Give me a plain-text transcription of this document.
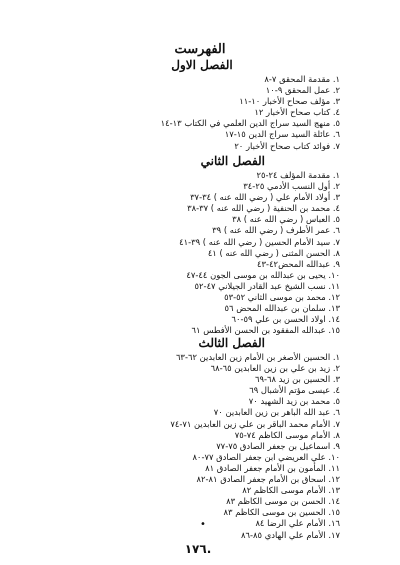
الفهرست
الفصل الاول
١. مقدمة المحقق ٧-٨
٢. عمل المحقق ٩-١٠
٣. مؤلف صحاح الأخبار ١٠-١١
٤. كتاب صحاح الأخبار ١٢
٥. منهج السيد سراج الدين العلمي في الكتاب ١٣-١٤
٦. عائلة السيد سراج الدين ١٥-١٧
٧. فوائد كتاب صحاح الأخبار ٢٠
الفصل الثاني
١. مقدمة المؤلف ٢٤-٢٥
٢. أول النسب الأدمي ٢٥-٣٤
٣. أولاد الأمام علي ( رضي الله عنه ) ٣٤-٣٧
٤. محمد بن الحنفية ( رضي الله عنه ) ٣٧-٣٨
٥. العباس ( رضي الله عنه ) ٣٨
٦. عمر الأطرف ( رضي الله عنه ) ٣٩
٧. سيد الأمام الحسين ( رضي الله عنه ) ٣٩-٤١
٨. الحسن المثنى ( رضي الله عنه ) ٤١
٩. عبدالله المحض٤٢-٤٣
١٠. يحيى بن عبدالله بن موسى الجون ٤٤-٤٧
١١. نسب الشيخ عبد القادر الجيلاني ٤٧-٥٢
١٢. محمد بن موسى الثاني ٥٢-٥٣
١٣. سلمان بن عبدالله المحض ٥٦
١٤. اولاد الحسن بن علي ٥٩-٦٠
١٥. عبدالله المفقود بن الحسن الأفطس ٦١
الفصل الثالث
١. الحسين الأصغر بن الأمام زين العابدين ٦٢-٦٣
٢. زيد بن علي بن زين العابدين ٦٥-٦٨
٣. الحسين بن زيد ٦٨-٦٩
٤. عيسى مؤتم الأشبال ٦٩
٥. محمد بن زيد الشهيد ٧٠
٦. عبد الله الباهر بن زين العابدين ٧٠
٧. الأمام محمد الباقر بن علي زين العابدين ٧١-٧٤
٨. الأمام موسى الكاظم ٧٤-٧٥
٩. اسماعيل بن جعفر الصادق ٧٥-٧٧
١٠. علي العريضي ابن جعفر الصادق ٧٧-٨٠
١١. المأمون بن الأمام جعفر الصادق ٨١
١٢. اسحاق بن الأمام جعفر الصادق ٨١-٨٢
١٣. الأمام موسى الكاظم ٨٢
١٤. الحسن بن موسى الكاظم ٨٣
١٥. الحسين بن موسى الكاظم ٨٣
١٦. الأمام علي الرضا ٨٤
١٧. الأمام علي الهادي ٨٥-٨٦
•
.١٧٦
